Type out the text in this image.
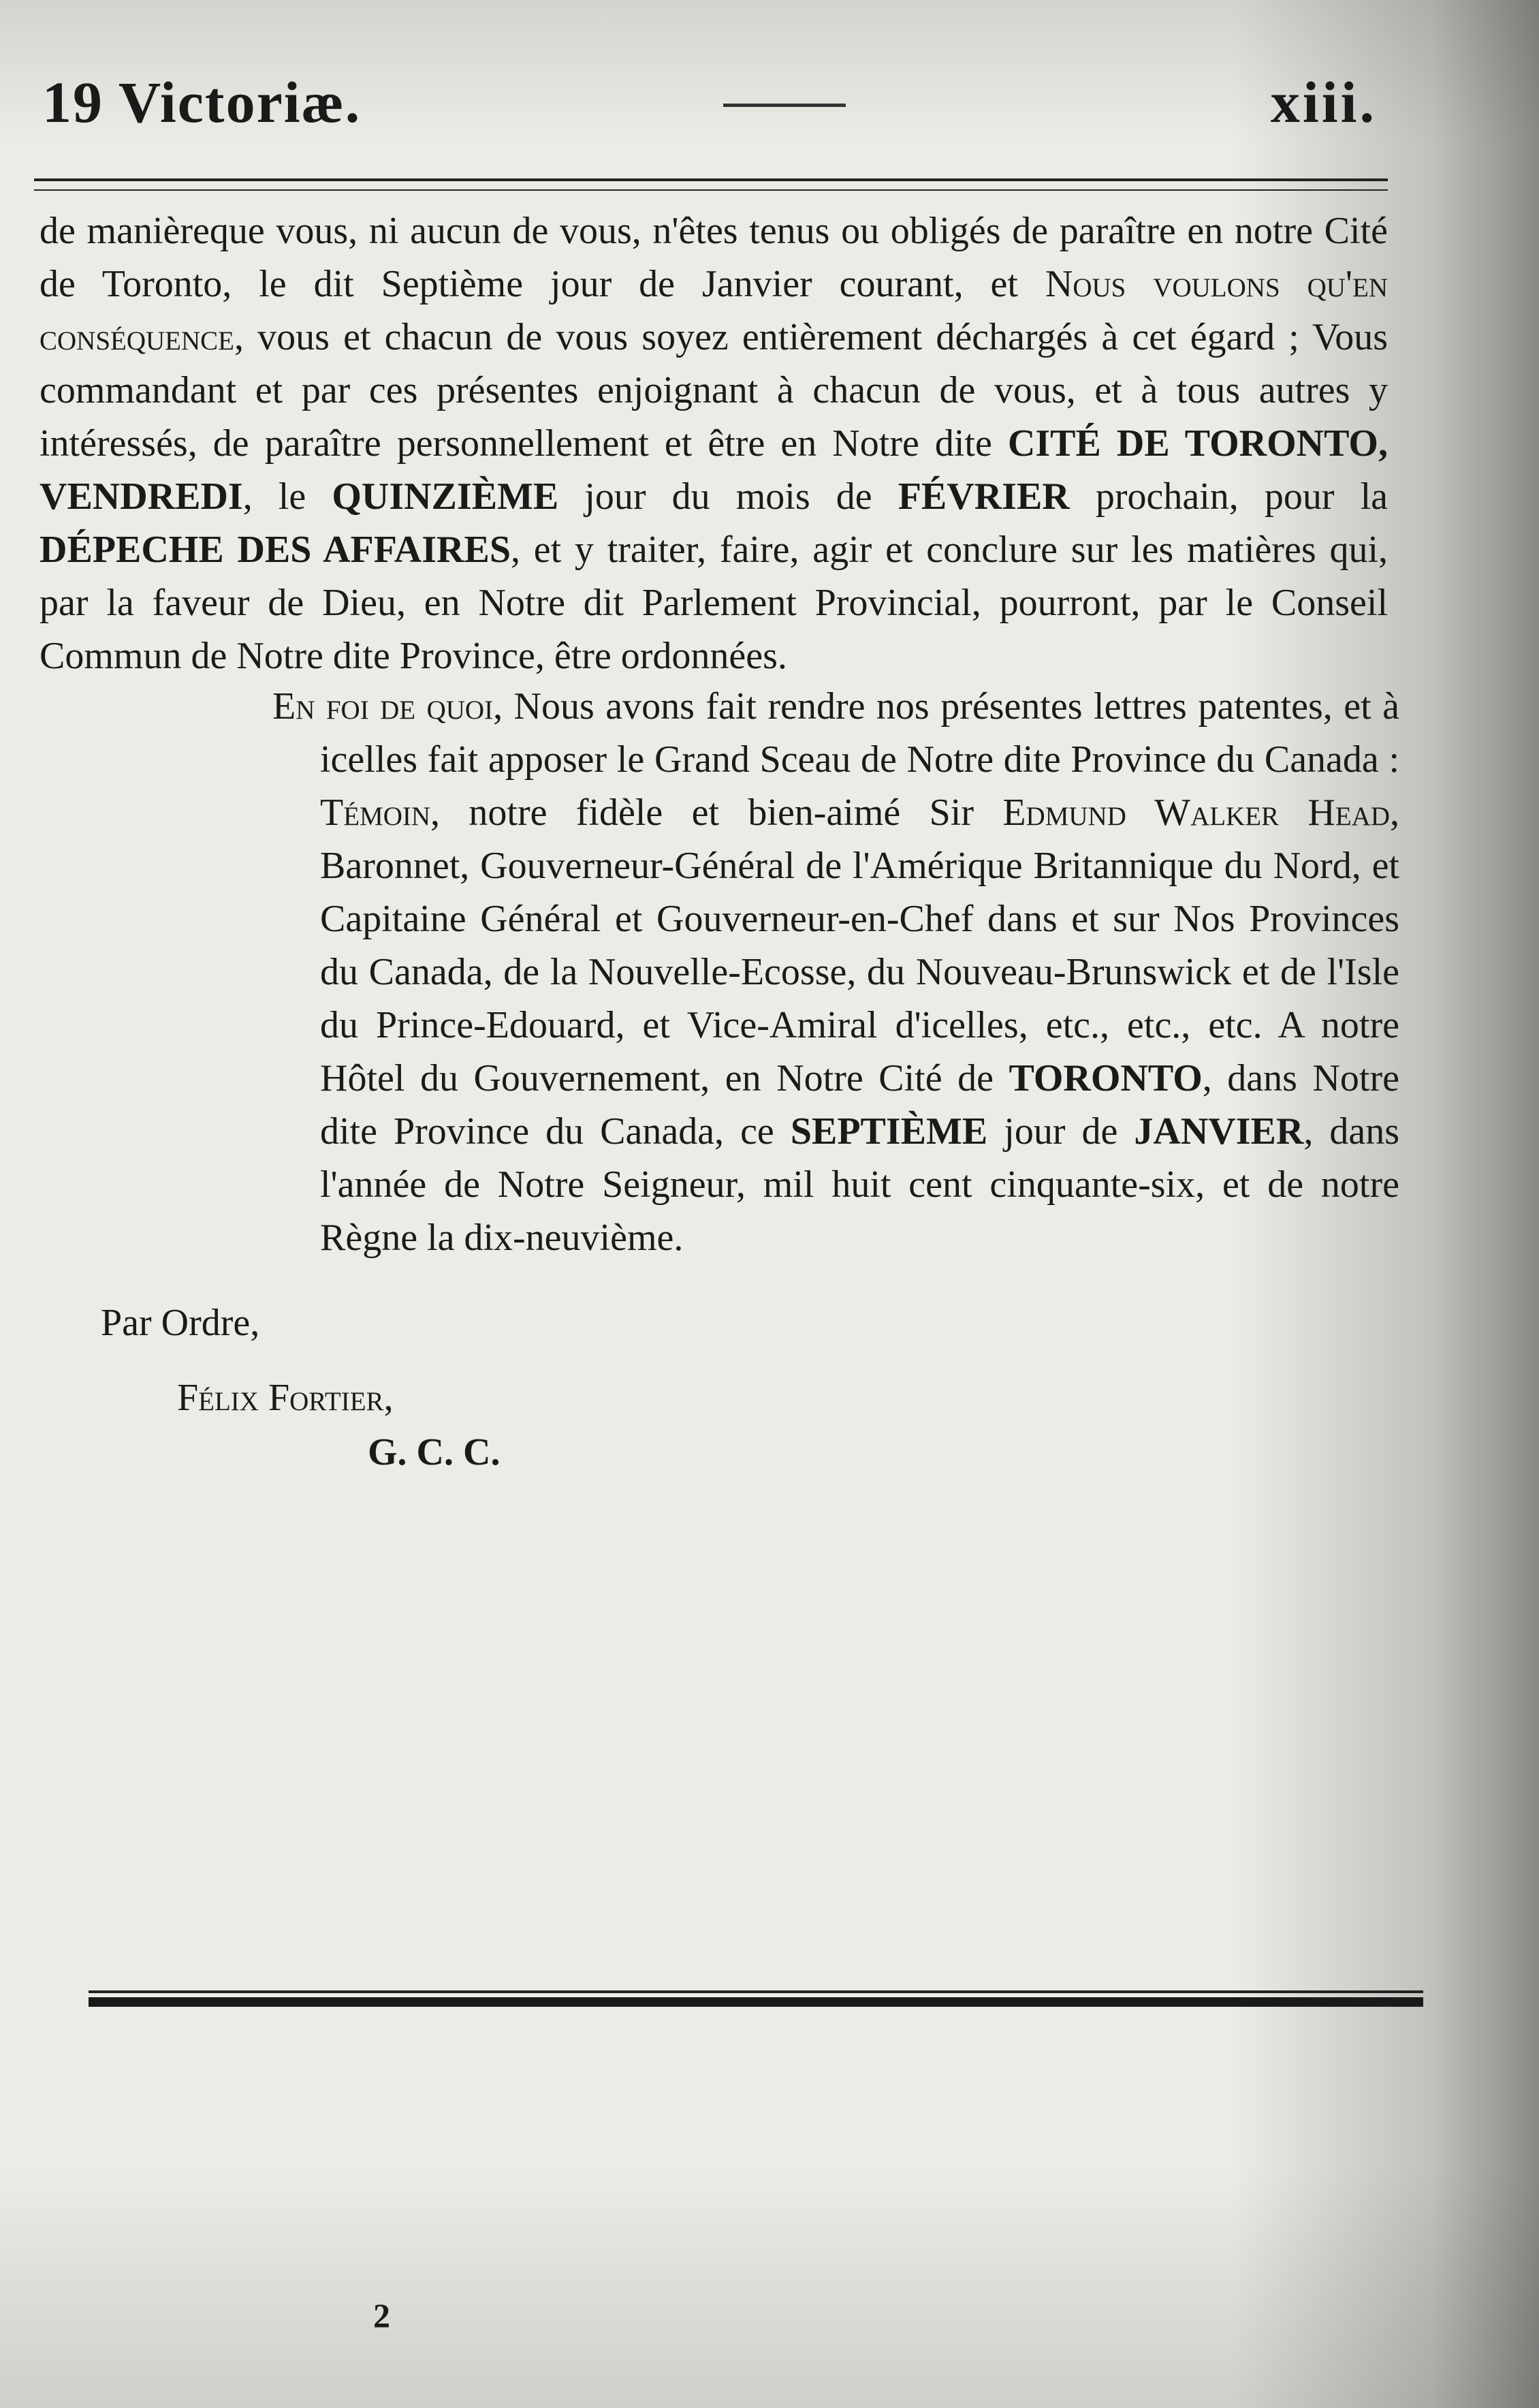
19 Victoriæ.	xiii.

de manièreque vous, ni aucun de vous, n'êtes tenus ou obligés de paraître en notre Cité de Toronto, le dit Septième jour de Janvier courant, et Nous voulons qu'en conséquence, vous et chacun de vous soyez entièrement déchargés à cet égard ; Vous commandant et par ces présentes enjoignant à chacun de vous, et à tous autres y intéressés, de paraître personnellement et être en Notre dite CITÉ DE TORONTO, VENDREDI, le QUINZIÈME jour du mois de FÉVRIER prochain, pour la DÉPECHE DES AFFAIRES, et y traiter, faire, agir et conclure sur les matières qui, par la faveur de Dieu, en Notre dit Parlement Provincial, pourront, par le Conseil Commun de Notre dite Province, être ordonnées.

En foi de quoi, Nous avons fait rendre nos présentes lettres patentes, et à icelles fait apposer le Grand Sceau de Notre dite Province du Canada : Témoin, notre fidèle et bien-aimé Sir Edmund Walker Head, Baronnet, Gouverneur-Général de l'Amérique Britannique du Nord, et Capitaine Général et Gouverneur-en-Chef dans et sur Nos Provinces du Canada, de la Nouvelle-Ecosse, du Nouveau-Brunswick et de l'Isle du Prince-Edouard, et Vice-Amiral d'icelles, etc., etc., etc. A notre Hôtel du Gouvernement, en Notre Cité de TORONTO, dans Notre dite Province du Canada, ce SEPTIÈME jour de JANVIER, dans l'année de Notre Seigneur, mil huit cent cinquante-six, et de notre Règne la dix-neuvième.

Par Ordre,
Félix Fortier,
G. C. C.
2
